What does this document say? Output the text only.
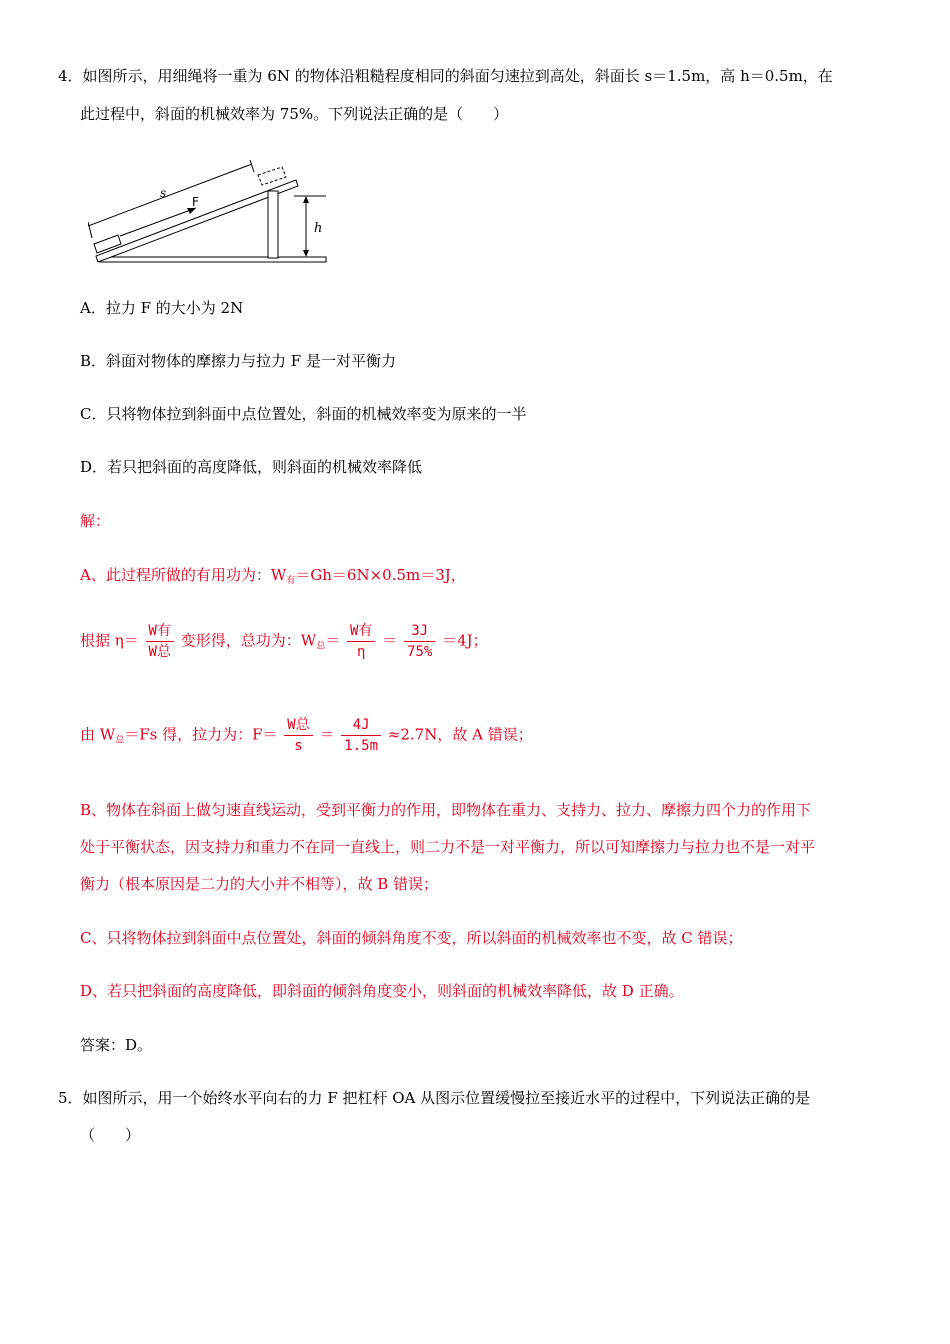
4．如图所示，用细绳将一重为 6N 的物体沿粗糙程度相同的斜面匀速拉到高处，斜面长 s＝1.5m，高 h＝0.5m，在
此过程中，斜面的机械效率为 75%。下列说法正确的是（　　）
F
s
h
A．拉力 F 的大小为 2N
B．斜面对物体的摩擦力与拉力 F 是一对平衡力
C．只将物体拉到斜面中点位置处，斜面的机械效率变为原来的一半
D．若只把斜面的高度降低，则斜面的机械效率降低
解：
A、此过程所做的有用功为：$W_有=Gh=6N\times 0.5m=3J$，
根据 $\eta= \frac{\text{W有}}{\text{W总}}$ 变形得，总功为：$W_总= \frac{\text{W有}}{\eta} = \frac{3J}{75\%} =4J$；
由 $W_总=Fs$ 得，拉力为：$F= \frac{\text{W总}}{s} = \frac{4J}{1.5m} \approx 2.7N$，故 A 错误；
B、物体在斜面上做匀速直线运动，受到平衡力的作用，即物体在重力、支持力、拉力、摩擦力四个力的作用下
处于平衡状态，因支持力和重力不在同一直线上，则二力不是一对平衡力，所以可知摩擦力与拉力也不是一对平
衡力（根本原因是二力的大小并不相等），故 B 错误；
C、只将物体拉到斜面中点位置处，斜面的倾斜角度不变，所以斜面的机械效率也不变，故 C 错误；
D、若只把斜面的高度降低，即斜面的倾斜角度变小，则斜面的机械效率降低，故 D 正确。
答案：D。
5．如图所示，用一个始终水平向右的力 F 把杠杆 OA 从图示位置缓慢拉至接近水平的过程中，下列说法正确的是
（　　）
